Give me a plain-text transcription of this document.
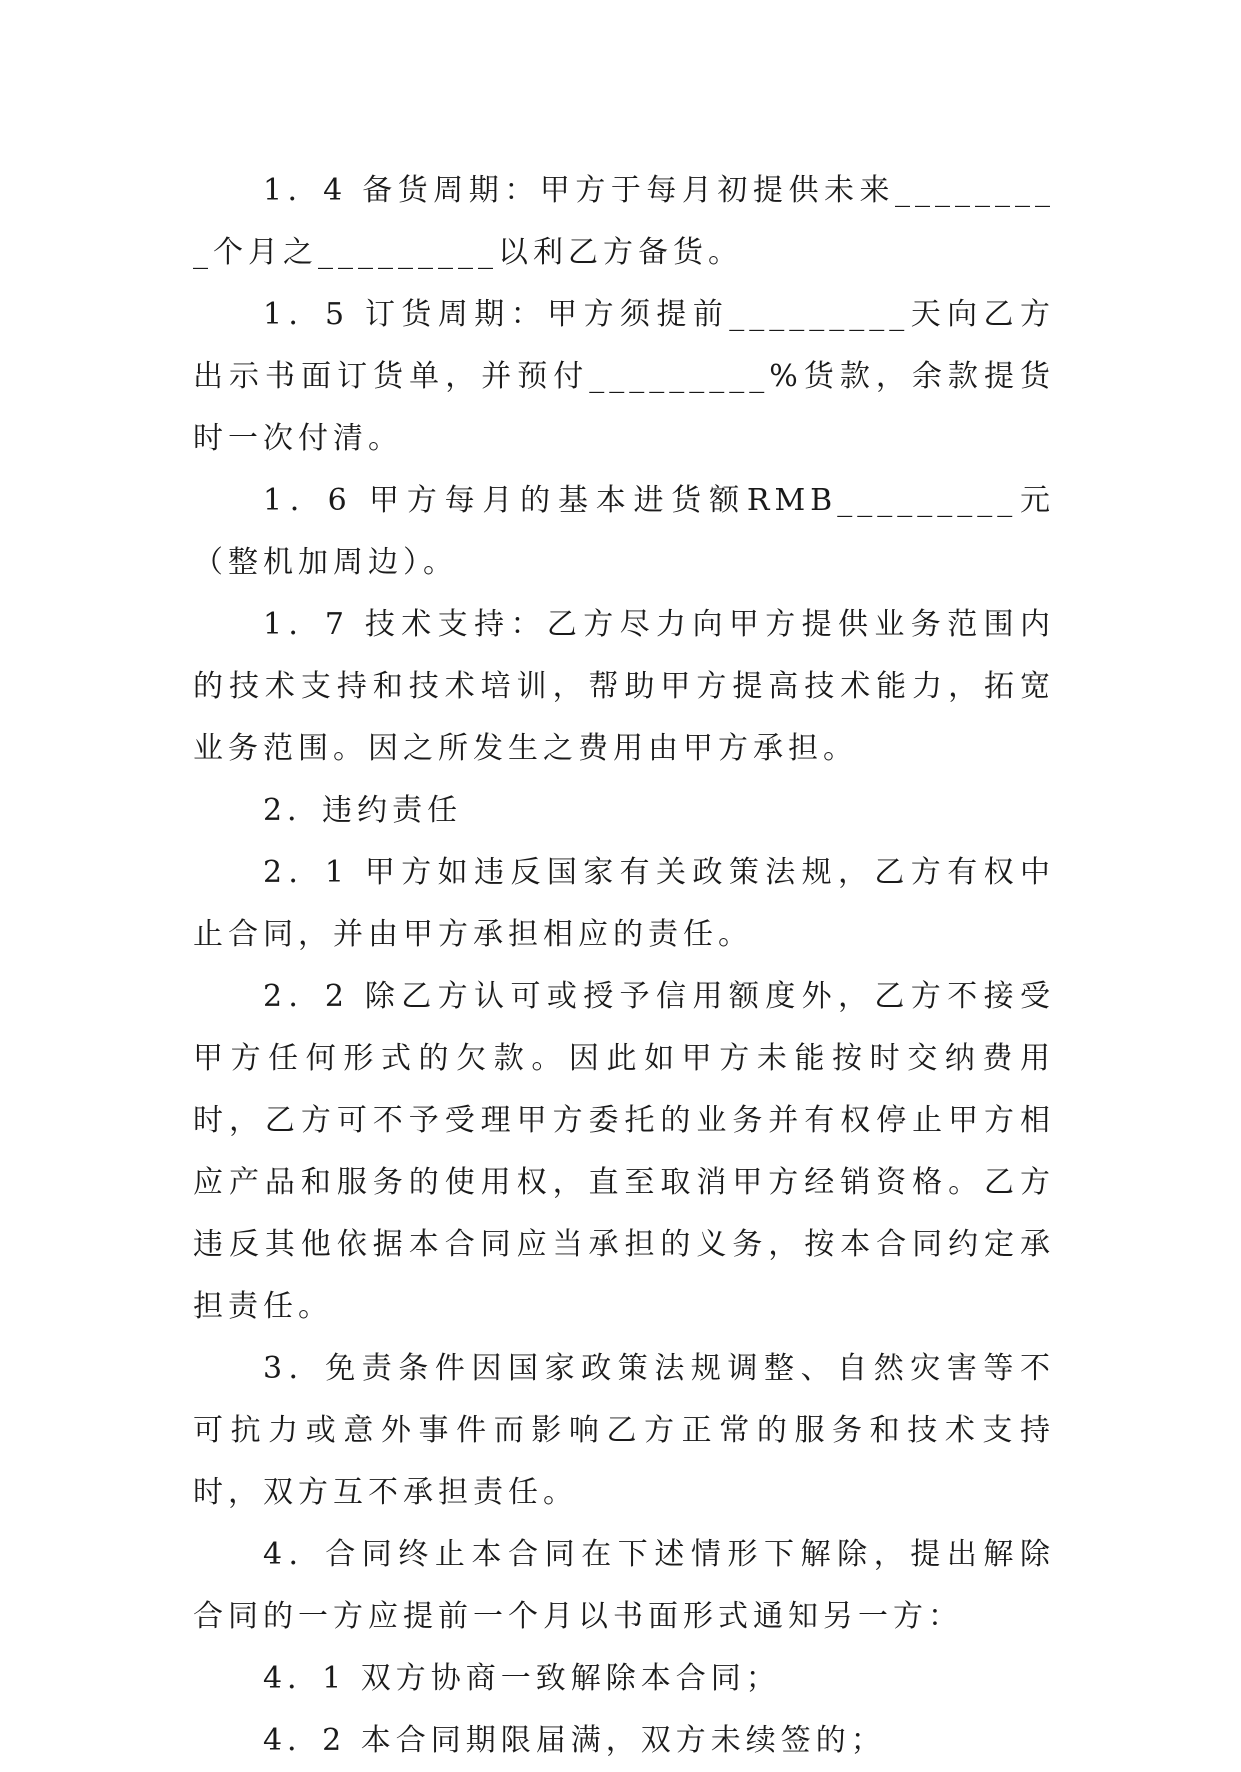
1．4 备货周期：甲方于每月初提供未来_________个月之_________以利乙方备货。

1．5 订货周期：甲方须提前_________天向乙方出示书面订货单，并预付_________%货款，余款提货时一次付清。

1．6 甲方每月的基本进货额RMB_________元（整机加周边）。

1．7 技术支持：乙方尽力向甲方提供业务范围内的技术支持和技术培训，帮助甲方提高技术能力，拓宽业务范围。因之所发生之费用由甲方承担。

2．违约责任

2．1 甲方如违反国家有关政策法规，乙方有权中止合同，并由甲方承担相应的责任。

2．2 除乙方认可或授予信用额度外，乙方不接受甲方任何形式的欠款。因此如甲方未能按时交纳费用时，乙方可不予受理甲方委托的业务并有权停止甲方相应产品和服务的使用权，直至取消甲方经销资格。乙方违反其他依据本合同应当承担的义务，按本合同约定承担责任。

3．免责条件因国家政策法规调整、自然灾害等不可抗力或意外事件而影响乙方正常的服务和技术支持时，双方互不承担责任。

4．合同终止本合同在下述情形下解除，提出解除合同的一方应提前一个月以书面形式通知另一方：

4．1 双方协商一致解除本合同；

4．2 本合同期限届满，双方未续签的；
